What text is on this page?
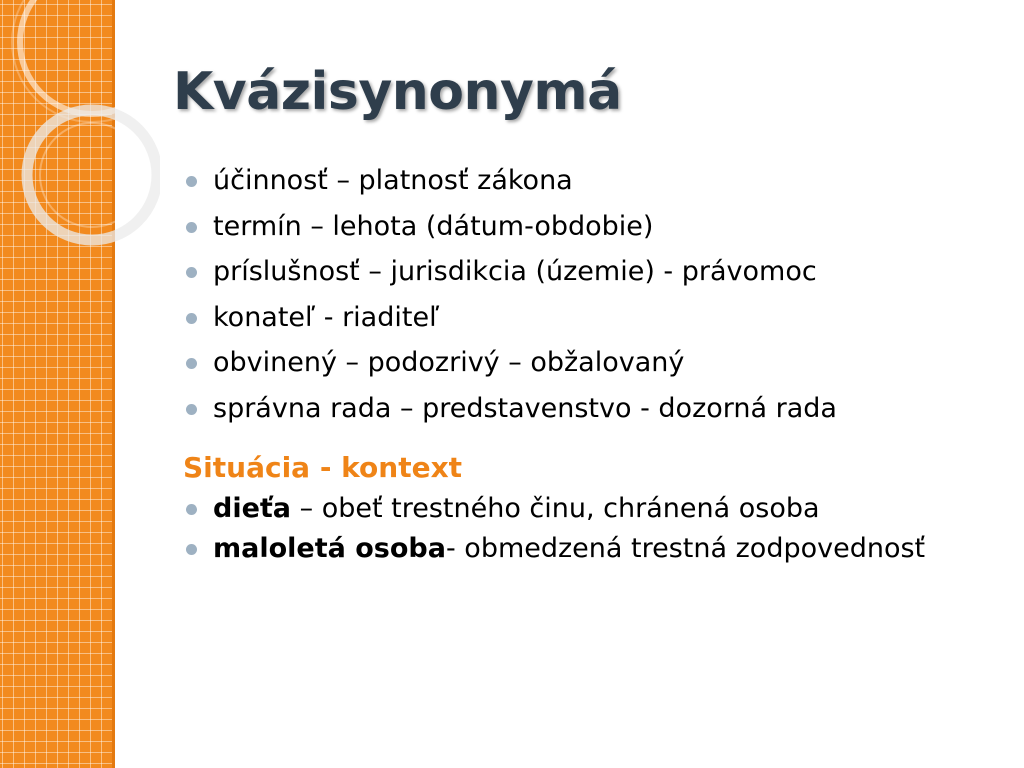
Kvázisynonymá
účinnosť – platnosť zákona
termín – lehota (dátum-obdobie)
príslušnosť – jurisdikcia (územie) - právomoc
konateľ - riaditeľ
obvinený – podozrivý – obžalovaný
správna rada – predstavenstvo - dozorná rada
Situácia - kontext
dieťa – obeť trestného činu, chránená osoba
maloletá osoba- obmedzená trestná zodpovednosť
